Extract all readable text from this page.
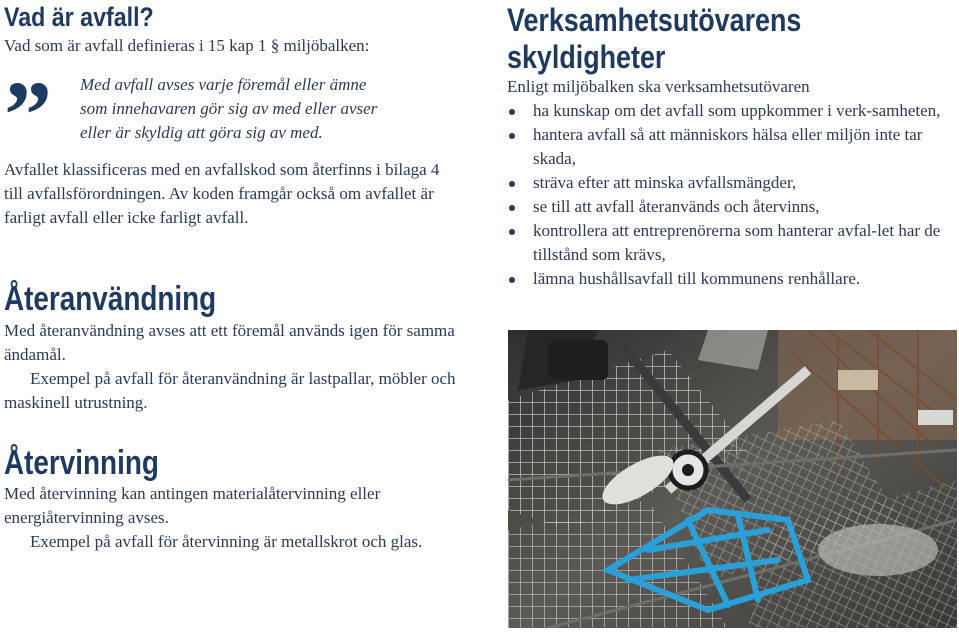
Vad är avfall?

Vad som är avfall definieras i 15 kap 1 § miljöbalken:

” Med avfall avses varje föremål eller ämne
som innehavaren gör sig av med eller avser
eller är skyldig att göra sig av med.

Avfallet klassificeras med en avfallskod som återfinns i bilaga 4 till avfallsförordningen. Av koden framgår också om avfallet är farligt avfall eller icke farligt avfall.

Återanvändning

Med återanvändning avses att ett föremål används igen för samma ändamål.

Exempel på avfall för återanvändning är lastpallar, möbler och maskinell utrustning.

Återvinning

Med återvinning kan antingen materialåtervinning eller energiåtervinning avses.

Exempel på avfall för återvinning är metallskrot och glas.

Verksamhetsutövarens
skyldigheter

Enligt miljöbalken ska verksamhetsutövaren

ha kunskap om det avfall som uppkommer i verk-samheten,
hantera avfall så att människors hälsa eller miljön inte tar skada,
sträva efter att minska avfallsmängder,
se till att avfall återanvänds och återvinns,
kontrollera att entreprenörerna som hanterar avfal-let har de tillstånd som krävs,
lämna hushållsavfall till kommunens renhållare.
